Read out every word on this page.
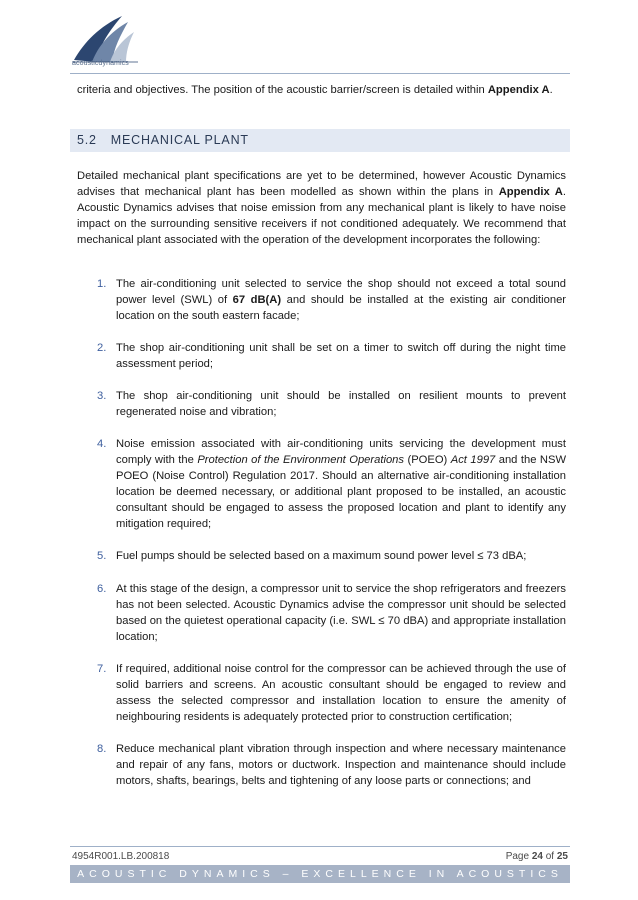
acousticdynamics
criteria and objectives. The position of the acoustic barrier/screen is detailed within Appendix A.
5.2 MECHANICAL PLANT
Detailed mechanical plant specifications are yet to be determined, however Acoustic Dynamics advises that mechanical plant has been modelled as shown within the plans in Appendix A. Acoustic Dynamics advises that noise emission from any mechanical plant is likely to have noise impact on the surrounding sensitive receivers if not conditioned adequately. We recommend that mechanical plant associated with the operation of the development incorporates the following:
1. The air-conditioning unit selected to service the shop should not exceed a total sound power level (SWL) of 67 dB(A) and should be installed at the existing air conditioner location on the south eastern facade;
2. The shop air-conditioning unit shall be set on a timer to switch off during the night time assessment period;
3. The shop air-conditioning unit should be installed on resilient mounts to prevent regenerated noise and vibration;
4. Noise emission associated with air-conditioning units servicing the development must comply with the Protection of the Environment Operations (POEO) Act 1997 and the NSW POEO (Noise Control) Regulation 2017. Should an alternative air-conditioning installation location be deemed necessary, or additional plant proposed to be installed, an acoustic consultant should be engaged to assess the proposed location and plant to identify any mitigation required;
5. Fuel pumps should be selected based on a maximum sound power level ≤ 73 dBA;
6. At this stage of the design, a compressor unit to service the shop refrigerators and freezers has not been selected. Acoustic Dynamics advise the compressor unit should be selected based on the quietest operational capacity (i.e. SWL ≤ 70 dBA) and appropriate installation location;
7. If required, additional noise control for the compressor can be achieved through the use of solid barriers and screens. An acoustic consultant should be engaged to review and assess the selected compressor and installation location to ensure the amenity of neighbouring residents is adequately protected prior to construction certification;
8. Reduce mechanical plant vibration through inspection and where necessary maintenance and repair of any fans, motors or ductwork. Inspection and maintenance should include motors, shafts, bearings, belts and tightening of any loose parts or connections; and
4954R001.LB.200818	Page 24 of 25
ACOUSTIC DYNAMICS – EXCELLENCE IN ACOUSTICS
